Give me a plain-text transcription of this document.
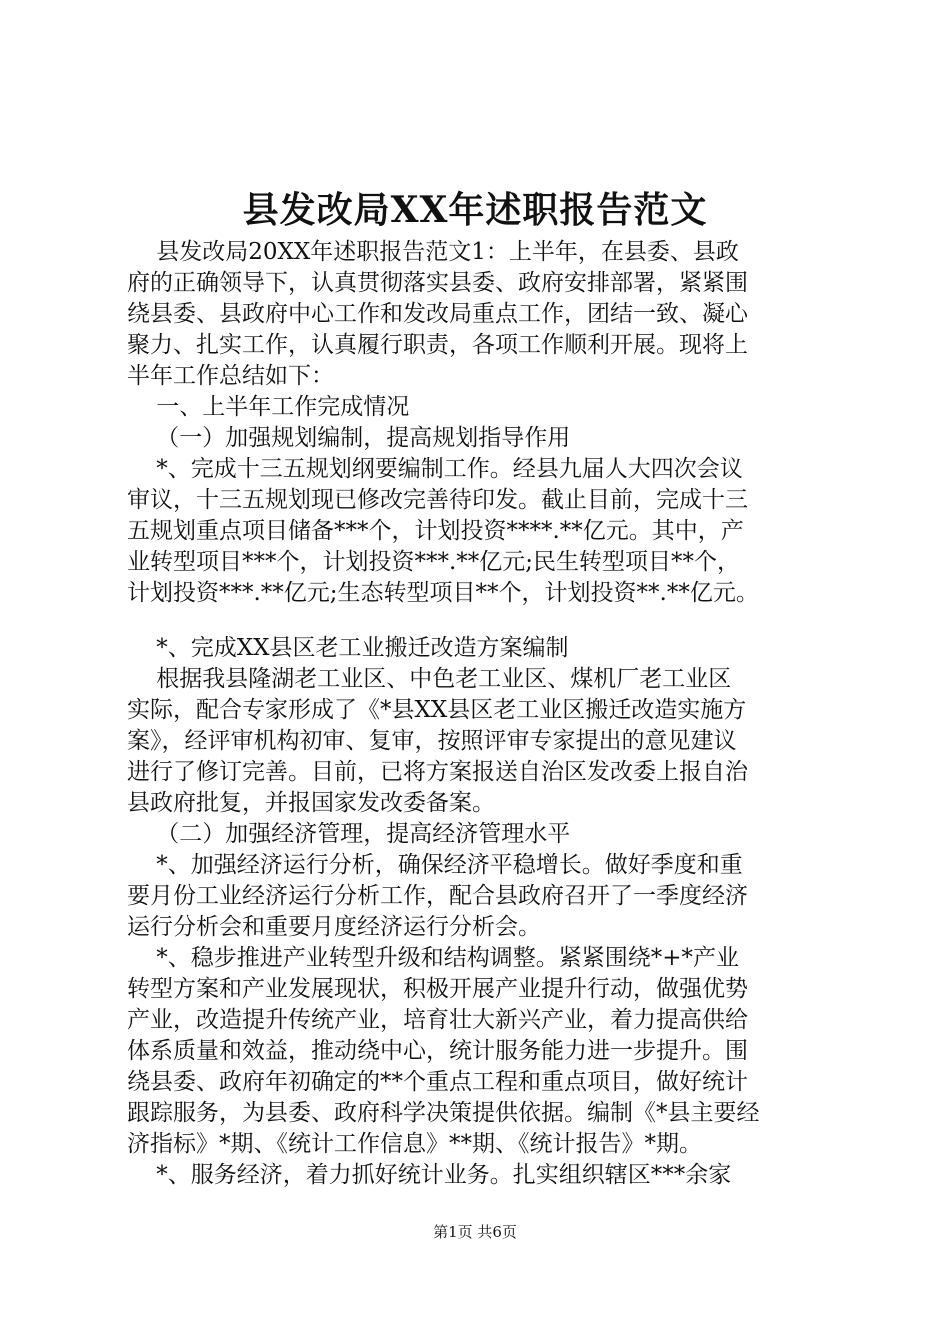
县发改局XX年述职报告范文
县发改局20XX年述职报告范文1：上半年，在县委、县政
府的正确领导下，认真贯彻落实县委、政府安排部署，紧紧围
绕县委、县政府中心工作和发改局重点工作，团结一致、凝心
聚力、扎实工作，认真履行职责，各项工作顺利开展。现将上
半年工作总结如下：
一、上半年工作完成情况
（一）加强规划编制，提高规划指导作用
*、完成十三五规划纲要编制工作。经县九届人大四次会议
审议，十三五规划现已修改完善待印发。截止目前，完成十三
五规划重点项目储备***个，计划投资****.**亿元。其中，产
业转型项目***个，计划投资***.**亿元;民生转型项目**个，
计划投资***.**亿元;生态转型项目**个，计划投资**.**亿元。
*、完成XX县区老工业搬迁改造方案编制
根据我县隆湖老工业区、中色老工业区、煤机厂老工业区
实际，配合专家形成了《*县XX县区老工业区搬迁改造实施方
案》，经评审机构初审、复审，按照评审专家提出的意见建议
进行了修订完善。目前，已将方案报送自治区发改委上报自治
县政府批复，并报国家发改委备案。
（二）加强经济管理，提高经济管理水平
*、加强经济运行分析，确保经济平稳增长。做好季度和重
要月份工业经济运行分析工作，配合县政府召开了一季度经济
运行分析会和重要月度经济运行分析会。
*、稳步推进产业转型升级和结构调整。紧紧围绕*+*产业
转型方案和产业发展现状，积极开展产业提升行动，做强优势
产业，改造提升传统产业，培育壮大新兴产业，着力提高供给
体系质量和效益，推动绕中心，统计服务能力进一步提升。围
绕县委、政府年初确定的**个重点工程和重点项目，做好统计
跟踪服务，为县委、政府科学决策提供依据。编制《*县主要经
济指标》*期、《统计工作信息》**期、《统计报告》*期。
*、服务经济，着力抓好统计业务。扎实组织辖区***余家
第1页 共6页
